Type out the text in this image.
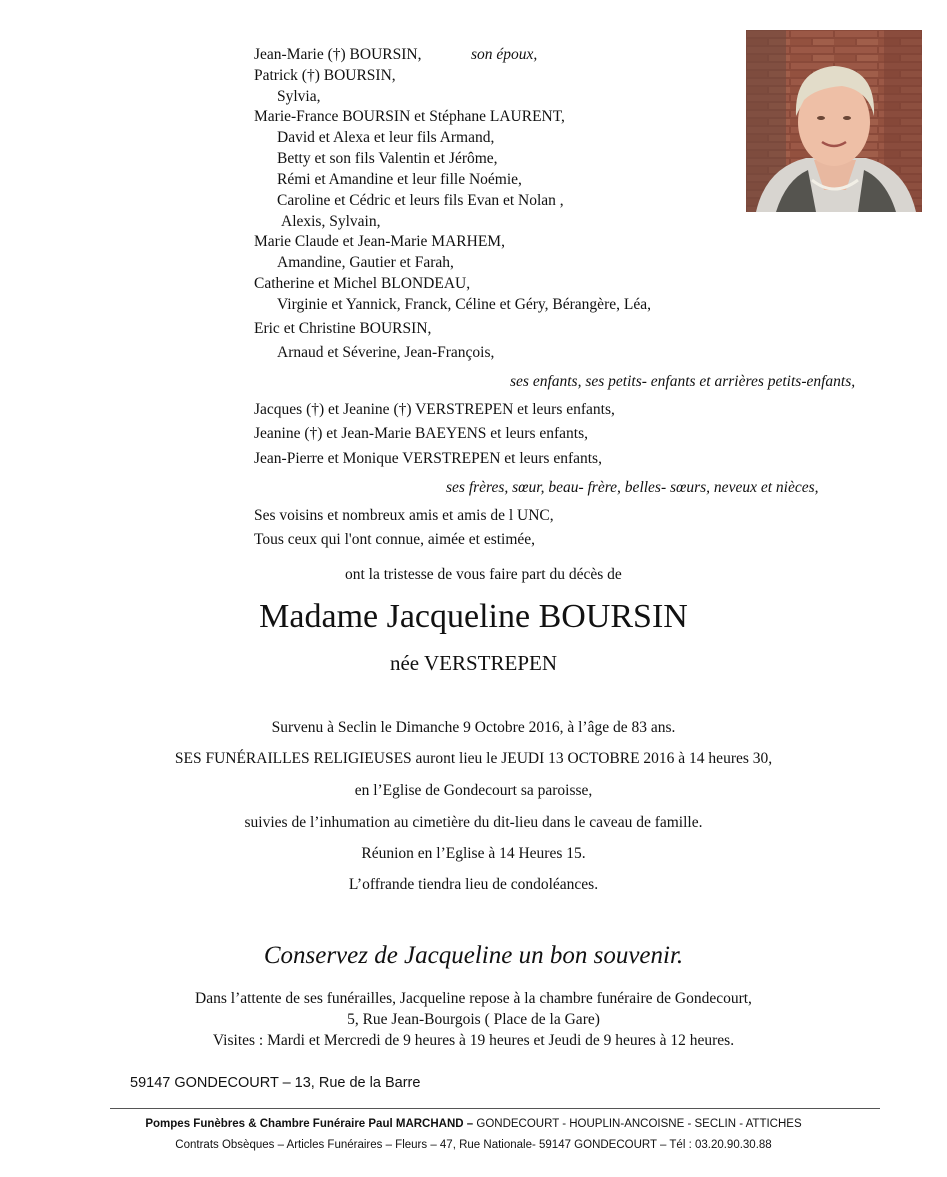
Jean-Marie (†) BOURSIN,	son époux,
Patrick (†) BOURSIN,
Sylvia,
Marie-France BOURSIN et Stéphane LAURENT,
David et Alexa et leur fils Armand,
Betty et son fils Valentin et Jérôme,
Rémi et Amandine et leur fille Noémie,
Caroline et Cédric et leurs fils Evan et Nolan ,
Alexis, Sylvain,
Marie Claude et Jean-Marie MARHEM,
Amandine, Gautier et Farah,
Catherine et Michel BLONDEAU,
Virginie et Yannick, Franck, Céline et Géry, Bérangère, Léa,
Eric et Christine BOURSIN,
Arnaud et Séverine, Jean-François,
ses enfants, ses petits- enfants et arrières petits-enfants,
Jacques (†) et Jeanine (†) VERSTREPEN et leurs enfants,
Jeanine (†) et Jean-Marie BAEYENS et leurs enfants,
Jean-Pierre et Monique VERSTREPEN et leurs enfants,
ses frères, sœur, beau- frère, belles- sœurs, neveux et nièces,
Ses voisins et nombreux amis et amis de l UNC,
Tous ceux qui l'ont connue, aimée et estimée,
ont la tristesse de vous faire part du décès de
Madame Jacqueline BOURSIN
née VERSTREPEN
Survenu à Seclin le Dimanche 9 Octobre 2016, à l’âge de 83 ans.
SES FUNÉRAILLES RELIGIEUSES auront lieu le JEUDI 13 OCTOBRE 2016 à 14 heures 30,
en l’Eglise de Gondecourt sa paroisse,
suivies de l’inhumation au cimetière du dit-lieu dans le caveau de famille.
Réunion en l’Eglise à 14 Heures 15.
L’offrande tiendra lieu de condoléances.
Conservez de Jacqueline un bon souvenir.
Dans l’attente de ses funérailles, Jacqueline repose à la chambre funéraire de Gondecourt,
5, Rue Jean-Bourgois ( Place de la Gare)
Visites : Mardi et Mercredi de 9 heures à 19 heures et Jeudi de 9 heures à 12 heures.
59147 GONDECOURT – 13, Rue de la Barre
Pompes Funèbres & Chambre Funéraire Paul MARCHAND – GONDECOURT - HOUPLIN-ANCOISNE - SECLIN - ATTICHES
Contrats Obsèques – Articles Funéraires – Fleurs – 47, Rue Nationale- 59147 GONDECOURT – Tél : 03.20.90.30.88
